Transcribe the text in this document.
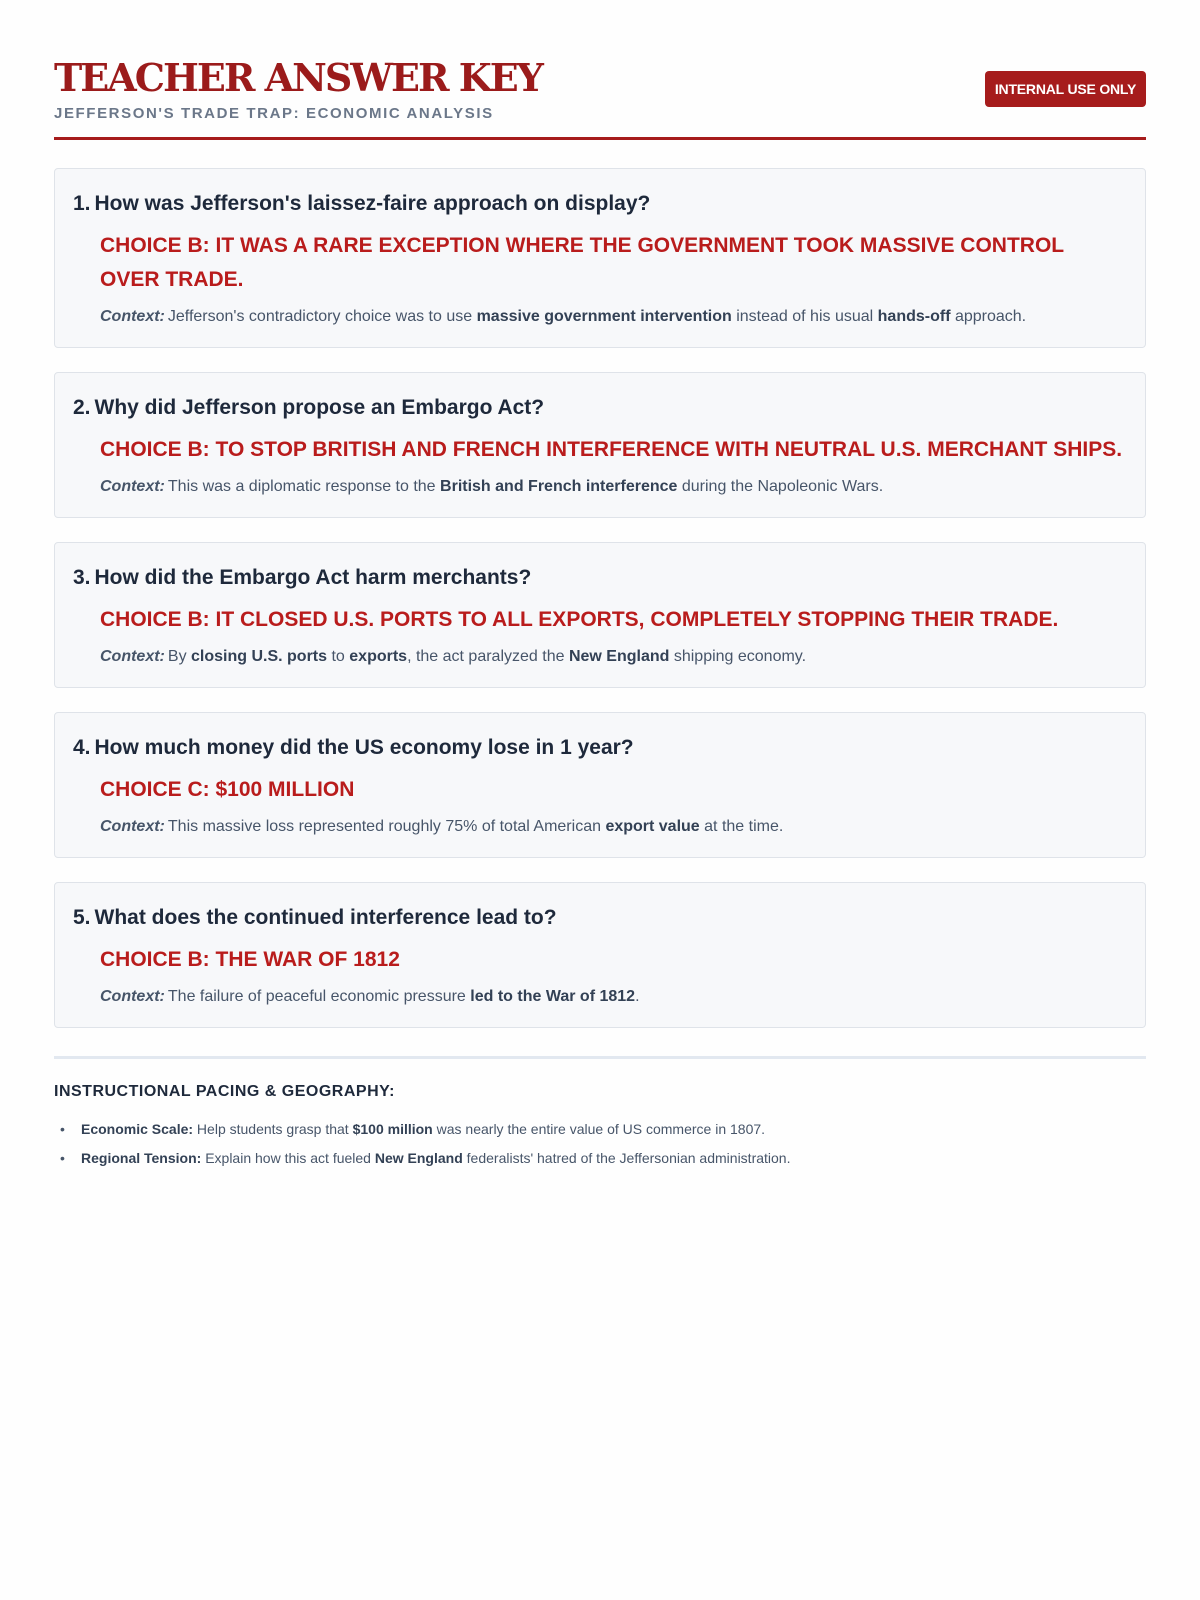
TEACHER ANSWER KEY
JEFFERSON'S TRADE TRAP: ECONOMIC ANALYSIS
INTERNAL USE ONLY
1. How was Jefferson's laissez-faire approach on display?
CHOICE B: IT WAS A RARE EXCEPTION WHERE THE GOVERNMENT TOOK MASSIVE CONTROL OVER TRADE.
Context: Jefferson's contradictory choice was to use massive government intervention instead of his usual hands-off approach.
2. Why did Jefferson propose an Embargo Act?
CHOICE B: TO STOP BRITISH AND FRENCH INTERFERENCE WITH NEUTRAL U.S. MERCHANT SHIPS.
Context: This was a diplomatic response to the British and French interference during the Napoleonic Wars.
3. How did the Embargo Act harm merchants?
CHOICE B: IT CLOSED U.S. PORTS TO ALL EXPORTS, COMPLETELY STOPPING THEIR TRADE.
Context: By closing U.S. ports to exports, the act paralyzed the New England shipping economy.
4. How much money did the US economy lose in 1 year?
CHOICE C: $100 MILLION
Context: This massive loss represented roughly 75% of total American export value at the time.
5. What does the continued interference lead to?
CHOICE B: THE WAR OF 1812
Context: The failure of peaceful economic pressure led to the War of 1812.
INSTRUCTIONAL PACING & GEOGRAPHY:
• Economic Scale: Help students grasp that $100 million was nearly the entire value of US commerce in 1807.
• Regional Tension: Explain how this act fueled New England federalists' hatred of the Jeffersonian administration.
